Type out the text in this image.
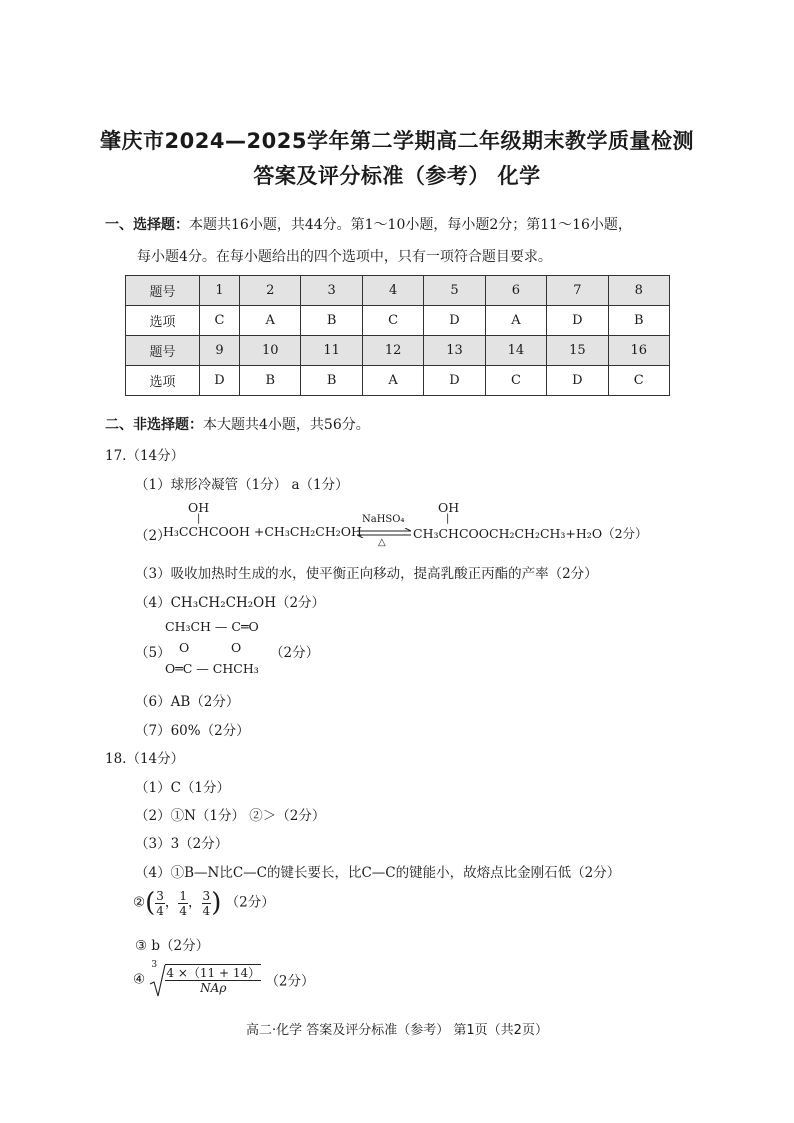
肇庆市2024—2025学年第二学期高二年级期末教学质量检测
答案及评分标准（参考） 化学
一、选择题：本题共16小题，共44分。第1～10小题，每小题2分；第11～16小题，
每小题4分。在每小题给出的四个选项中，只有一项符合题目要求。
题号	1	2	3	4	5	6	7	8
选项	C	A	B	C	D	A	D	B
题号	9	10	11	12	13	14	15	16
选项	D	B	B	A	D	C	D	C
二、非选择题：本大题共4小题，共56分。
17.（14分）
（1）球形冷凝管（1分） a（1分）
OH
|
（2）
H₃CCHCOOH +CH₃CH₂CH₂OH
NaHSO₄
△
OH
|
CH₃CHCOOCH₂CH₂CH₃+H₂O（2分）
（3）吸收加热时生成的水，使平衡正向移动，提高乳酸正丙酯的产率（2分）
（4）CH₃CH₂CH₂OH（2分）
CH₃CH — C═O
O	O
（5）	（2分）
O═C — CHCH₃
（6）AB（2分）
（7）60%（2分）
18.（14分）
（1）C（1分）
（2）①N（1分） ②＞（2分）
（3）3（2分）
（4）①B—N比C—C的键长要长，比C—C的键能小，故熔点比金刚石低（2分）
②( $\frac{3}{4}$ ， $\frac{1}{4}$ ， $\frac{3}{4}$ ) （2分）
③ b（2分）
④
$3 \frac{4 \times(11 + 14)}{\text{NAρ}} (2$分）
高二·化学 答案及评分标准（参考） 第1页（共2页）
